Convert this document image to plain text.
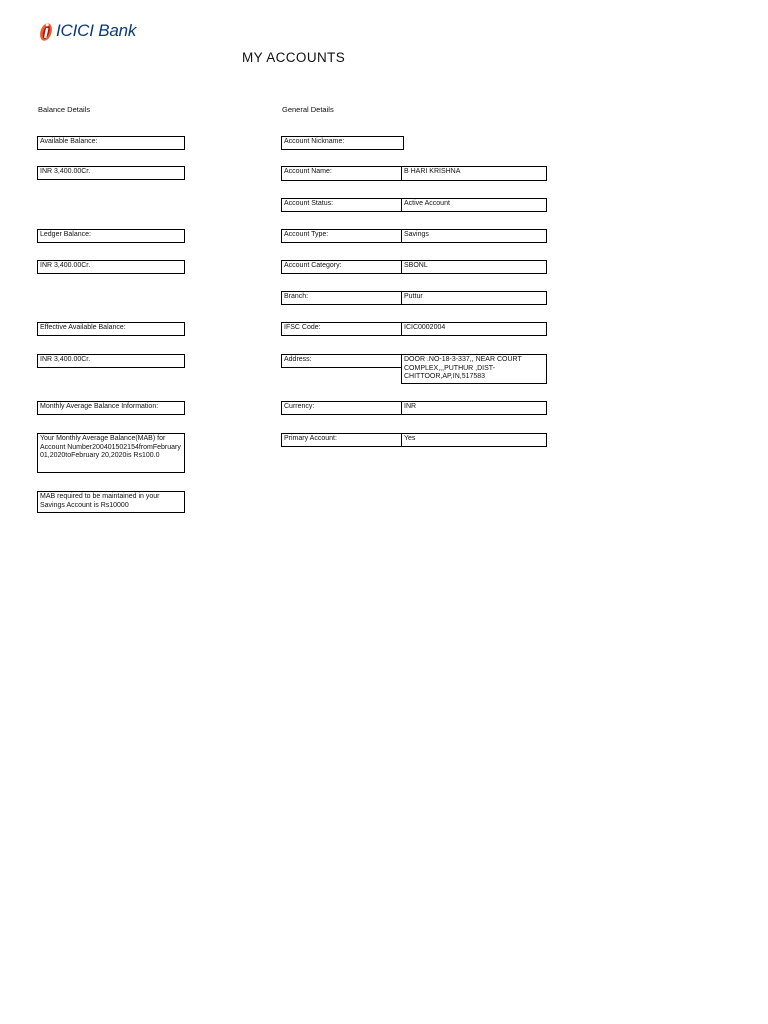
ICICI Bank
MY ACCOUNTS
Balance Details	General Details
Available Balance:
INR 3,400.00Cr.
Ledger Balance:
INR 3,400.00Cr.
Effective Available Balance:
INR 3,400.00Cr.
Monthly Average Balance Information:
Your Monthly Average Balance(MAB) for Account Number200401502154fromFebruary 01,2020toFebruary 20,2020is Rs100.0
MAB required to be maintained in your Savings Account is Rs10000
Account Nickname:
Account Name:	B HARI KRISHNA
Account Status:	Active Account
Account Type:	Savings
Account Category:	SBONL
Branch:	Puttur
IFSC Code:	ICIC0002004
Address:	DOOR .NO-18-3-337,, NEAR COURT COMPLEX,,,PUTHUR ,DIST-CHITTOOR,AP,IN,517583
Currency:	INR
Primary Account:	Yes
